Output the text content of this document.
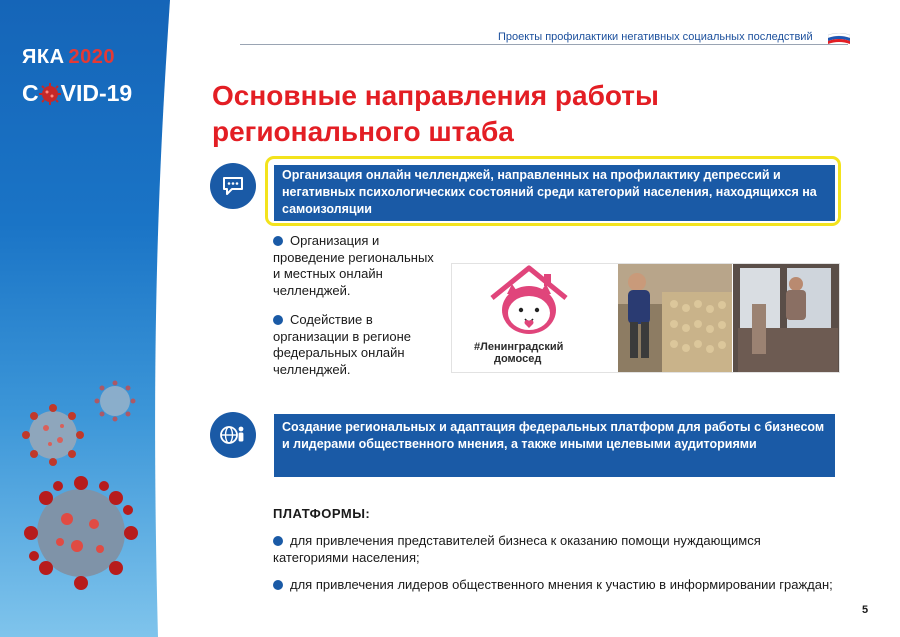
ЯКА 2020
C VID-19
Проекты профилактики негативных социальных последствий
Основные направления работы
регионального штаба
Организация онлайн челленджей, направленных на профилактику депрессий и негативных психологических состояний среди категорий населения, находящихся на самоизоляции
Организация и проведение региональных и местных онлайн челленджей.
Содействие в организации в регионе федеральных онлайн челленджей.
#Ленинградский
домосед
Создание региональных и адаптация федеральных платформ для работы с бизнесом и лидерами общественного мнения, а также иными целевыми аудиториями
ПЛАТФОРМЫ:
для привлечения представителей бизнеса к оказанию помощи нуждающимся категориями населения;
для привлечения лидеров общественного мнения к участию в информировании граждан;
5
